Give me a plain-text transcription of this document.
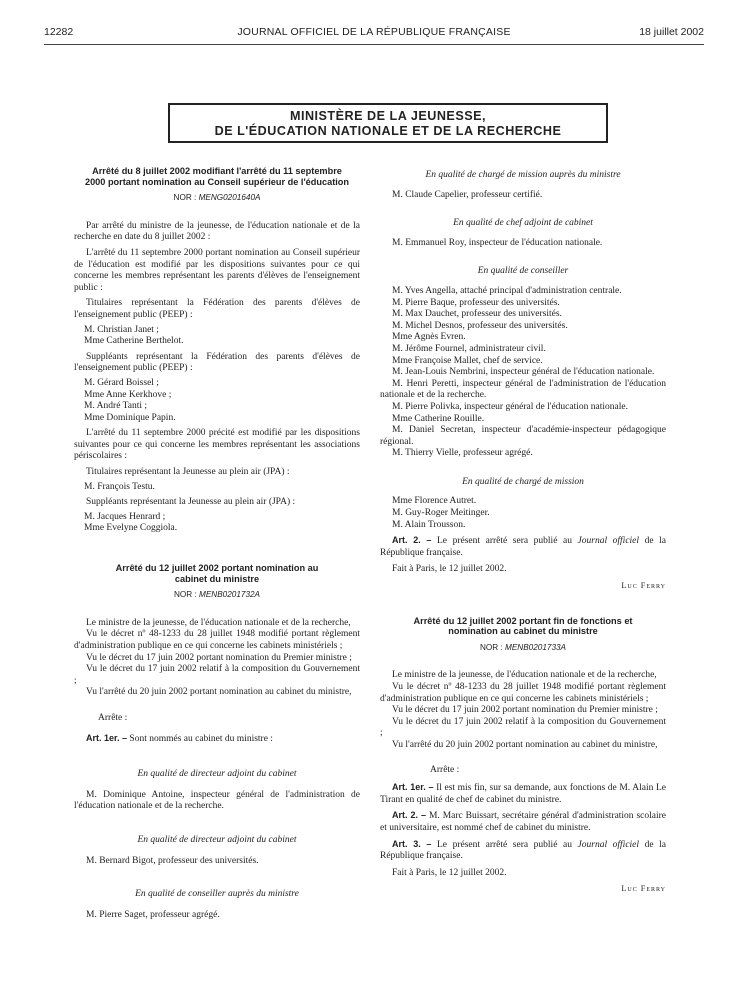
12282	JOURNAL OFFICIEL DE LA RÉPUBLIQUE FRANÇAISE	18 juillet 2002
MINISTÈRE DE LA JEUNESSE,
DE L'ÉDUCATION NATIONALE ET DE LA RECHERCHE

Arrêté du 8 juillet 2002 modifiant l'arrêté du 11 septembre 2000 portant nomination au Conseil supérieur de l'éducation

NOR : MENG0201640A

Par arrêté du ministre de la jeunesse, de l'éducation nationale et de la recherche en date du 8 juillet 2002 :

L'arrêté du 11 septembre 2000 portant nomination au Conseil supérieur de l'éducation est modifié par les dispositions suivantes pour ce qui concerne les membres représentant les parents d'élèves de l'enseignement public :

Titulaires représentant la Fédération des parents d'élèves de l'enseignement public (PEEP) :

M. Christian Janet ;

Mme Catherine Berthelot.

Suppléants représentant la Fédération des parents d'élèves de l'enseignement public (PEEP) :

M. Gérard Boissel ;

Mme Anne Kerkhove ;

M. André Tanti ;

Mme Dominique Papin.

L'arrêté du 11 septembre 2000 précité est modifié par les dispositions suivantes pour ce qui concerne les membres représentant les associations périscolaires :

Titulaires représentant la Jeunesse au plein air (JPA) :

M. François Testu.

Suppléants représentant la Jeunesse au plein air (JPA) :

M. Jacques Henrard ;

Mme Evelyne Coggiola.

Arrêté du 12 juillet 2002 portant nomination au cabinet du ministre

NOR : MENB0201732A

Le ministre de la jeunesse, de l'éducation nationale et de la recherche,

Vu le décret nº 48-1233 du 28 juillet 1948 modifié portant règlement d'administration publique en ce qui concerne les cabinets ministériels ;

Vu le décret du 17 juin 2002 portant nomination du Premier ministre ;

Vu le décret du 17 juin 2002 relatif à la composition du Gouvernement ;

Vu l'arrêté du 20 juin 2002 portant nomination au cabinet du ministre,

Arrête :

Art. 1er. – Sont nommés au cabinet du ministre :

En qualité de directeur adjoint du cabinet

M. Dominique Antoine, inspecteur général de l'administration de l'éducation nationale et de la recherche.

En qualité de directeur adjoint du cabinet

M. Bernard Bigot, professeur des universités.

En qualité de conseiller auprès du ministre

M. Pierre Saget, professeur agrégé.

En qualité de chargé de mission auprès du ministre

M. Claude Capelier, professeur certifié.

En qualité de chef adjoint de cabinet

M. Emmanuel Roy, inspecteur de l'éducation nationale.

En qualité de conseiller

M. Yves Angella, attaché principal d'administration centrale.

M. Pierre Baque, professeur des universités.

M. Max Dauchet, professeur des universités.

M. Michel Desnos, professeur des universités.

Mme Agnès Evren.

M. Jérôme Fournel, administrateur civil.

Mme Françoise Mallet, chef de service.

M. Jean-Louis Nembrini, inspecteur général de l'éducation nationale.

M. Henri Peretti, inspecteur général de l'administration de l'éducation nationale et de la recherche.

M. Pierre Polivka, inspecteur général de l'éducation nationale.

Mme Catherine Rouille.

M. Daniel Secretan, inspecteur d'académie-inspecteur pédagogique régional.

M. Thierry Vielle, professeur agrégé.

En qualité de chargé de mission

Mme Florence Autret.

M. Guy-Roger Meitinger.

M. Alain Trousson.

Art. 2. – Le présent arrêté sera publié au Journal officiel de la République française.

Fait à Paris, le 12 juillet 2002.

Luc Ferry

Arrêté du 12 juillet 2002 portant fin de fonctions et nomination au cabinet du ministre

NOR : MENB0201733A

Le ministre de la jeunesse, de l'éducation nationale et de la recherche,

Vu le décret nº 48-1233 du 28 juillet 1948 modifié portant règlement d'administration publique en ce qui concerne les cabinets ministériels ;

Vu le décret du 17 juin 2002 portant nomination du Premier ministre ;

Vu le décret du 17 juin 2002 relatif à la composition du Gouvernement ;

Vu l'arrêté du 20 juin 2002 portant nomination au cabinet du ministre,

Arrête :

Art. 1er. – Il est mis fin, sur sa demande, aux fonctions de M. Alain Le Tirant en qualité de chef de cabinet du ministre.

Art. 2. – M. Marc Buissart, secrétaire général d'administration scolaire et universitaire, est nommé chef de cabinet du ministre.

Art. 3. – Le présent arrêté sera publié au Journal officiel de la République française.

Fait à Paris, le 12 juillet 2002.

Luc Ferry
